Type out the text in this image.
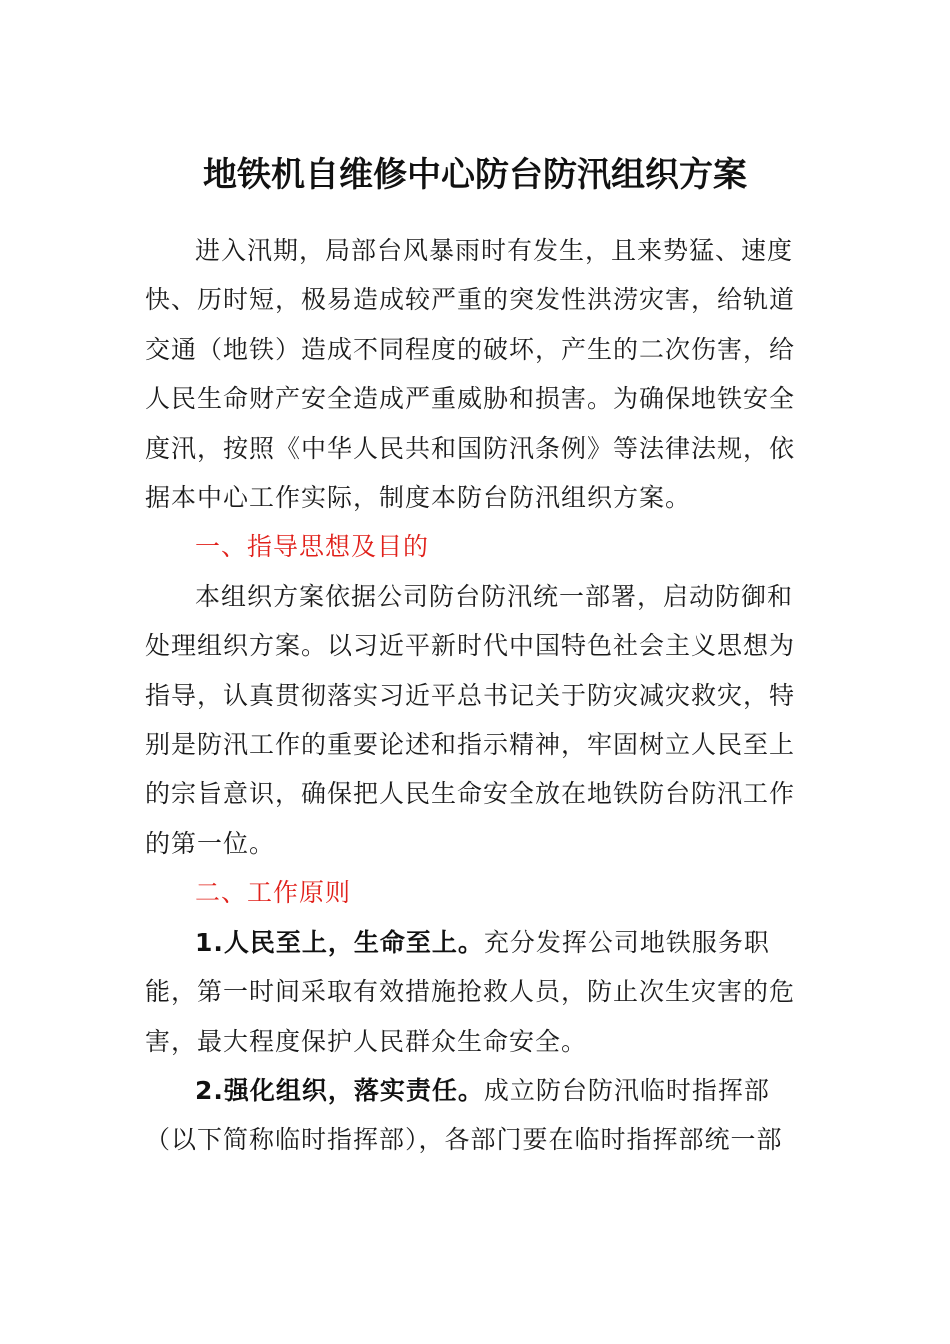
地铁机自维修中心防台防汛组织方案

进入汛期，局部台风暴雨时有发生，且来势猛、速度快、历时短，极易造成较严重的突发性洪涝灾害，给轨道交通（地铁）造成不同程度的破坏，产生的二次伤害，给人民生命财产安全造成严重威胁和损害。为确保地铁安全度汛，按照《中华人民共和国防汛条例》等法律法规，依据本中心工作实际，制度本防台防汛组织方案。

一、指导思想及目的

本组织方案依据公司防台防汛统一部署，启动防御和处理组织方案。以习近平新时代中国特色社会主义思想为指导，认真贯彻落实习近平总书记关于防灾减灾救灾，特别是防汛工作的重要论述和指示精神，牢固树立人民至上的宗旨意识，确保把人民生命安全放在地铁防台防汛工作的第一位。

二、工作原则

1.人民至上，生命至上。充分发挥公司地铁服务职能，第一时间采取有效措施抢救人员，防止次生灾害的危害，最大程度保护人民群众生命安全。

2.强化组织，落实责任。成立防台防汛临时指挥部（以下简称临时指挥部），各部门要在临时指挥部统一部
